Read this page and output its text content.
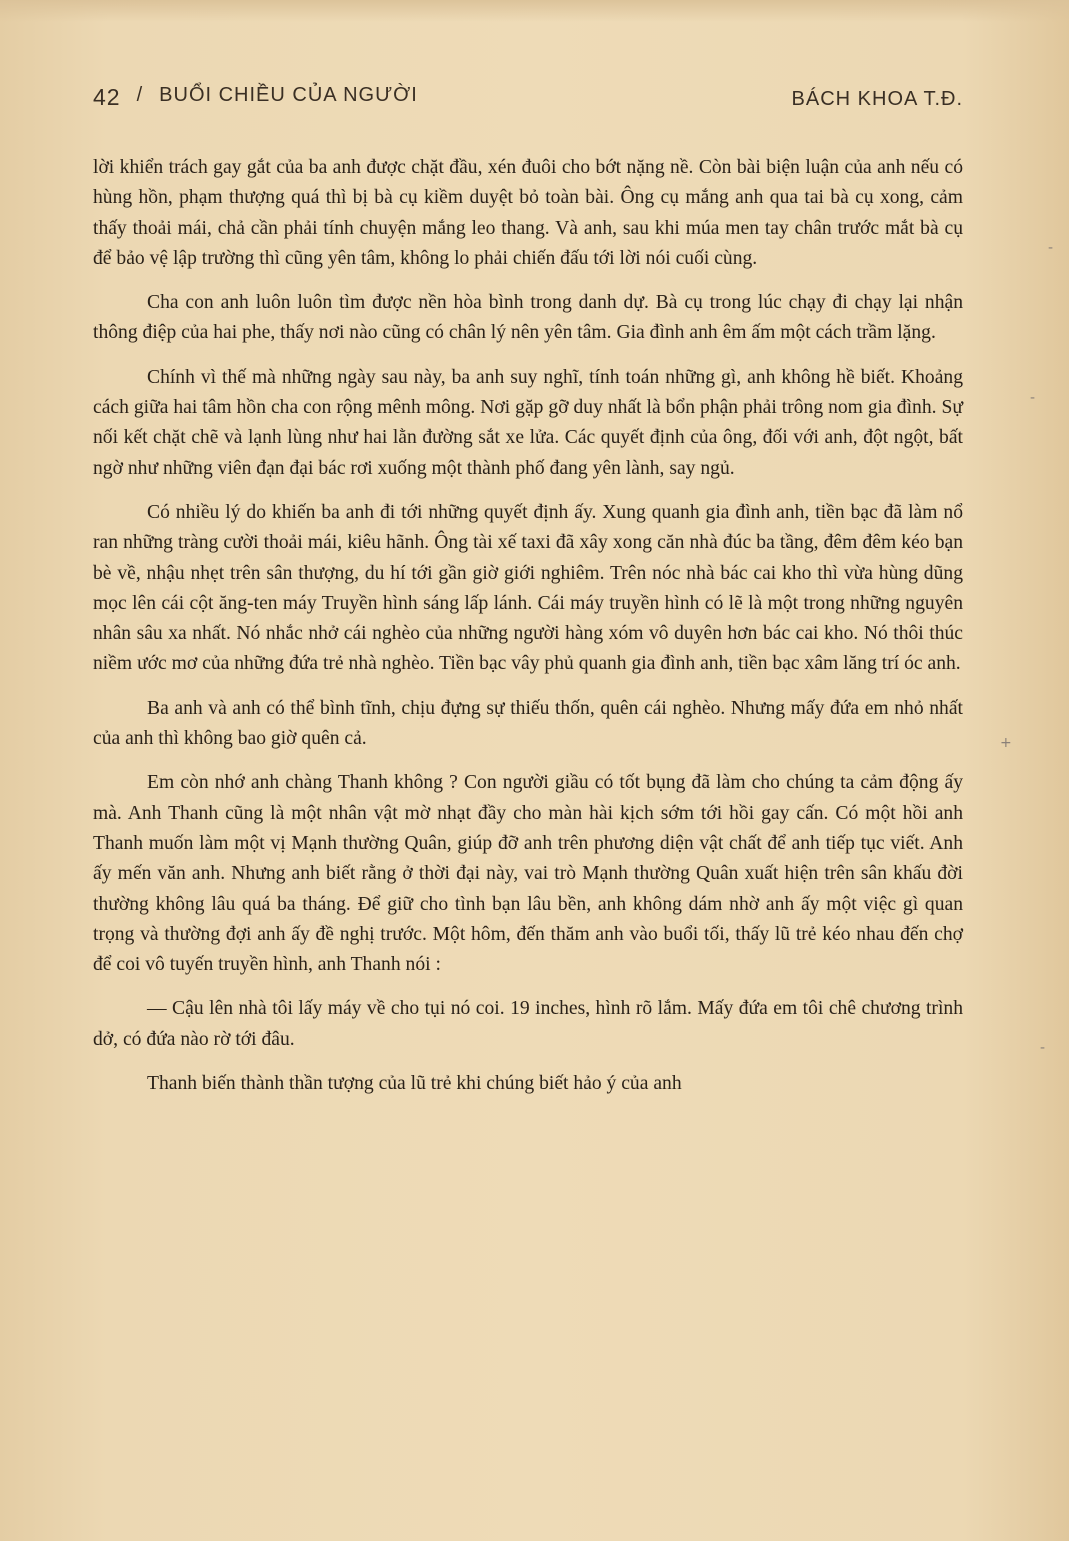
42 / BUỔI CHIỀU CỦA NGƯỜI	BÁCH KHOA T.Đ.

lời khiển trách gay gắt của ba anh được chặt đầu, xén đuôi cho bớt nặng nề. Còn bài biện luận của anh nếu có hùng hồn, phạm thượng quá thì bị bà cụ kiềm duyệt bỏ toàn bài. Ông cụ mắng anh qua tai bà cụ xong, cảm thấy thoải mái, chả cần phải tính chuyện mắng leo thang. Và anh, sau khi múa men tay chân trước mắt bà cụ để bảo vệ lập trường thì cũng yên tâm, không lo phải chiến đấu tới lời nói cuối cùng.

Cha con anh luôn luôn tìm được nền hòa bình trong danh dự. Bà cụ trong lúc chạy đi chạy lại nhận thông điệp của hai phe, thấy nơi nào cũng có chân lý nên yên tâm. Gia đình anh êm ấm một cách trầm lặng.

Chính vì thế mà những ngày sau này, ba anh suy nghĩ, tính toán những gì, anh không hề biết. Khoảng cách giữa hai tâm hồn cha con rộng mênh mông. Nơi gặp gỡ duy nhất là bổn phận phải trông nom gia đình. Sự nối kết chặt chẽ và lạnh lùng như hai lằn đường sắt xe lửa. Các quyết định của ông, đối với anh, đột ngột, bất ngờ như những viên đạn đại bác rơi xuống một thành phố đang yên lành, say ngủ.

Có nhiều lý do khiến ba anh đi tới những quyết định ấy. Xung quanh gia đình anh, tiền bạc đã làm nổ ran những tràng cười thoải mái, kiêu hãnh. Ông tài xế taxi đã xây xong căn nhà đúc ba tầng, đêm đêm kéo bạn bè về, nhậu nhẹt trên sân thượng, du hí tới gần giờ giới nghiêm. Trên nóc nhà bác cai kho thì vừa hùng dũng mọc lên cái cột ăng-ten máy Truyền hình sáng lấp lánh. Cái máy truyền hình có lẽ là một trong những nguyên nhân sâu xa nhất. Nó nhắc nhở cái nghèo của những người hàng xóm vô duyên hơn bác cai kho. Nó thôi thúc niềm ước mơ của những đứa trẻ nhà nghèo. Tiền bạc vây phủ quanh gia đình anh, tiền bạc xâm lăng trí óc anh.

Ba anh và anh có thể bình tĩnh, chịu đựng sự thiếu thốn, quên cái nghèo. Nhưng mấy đứa em nhỏ nhất của anh thì không bao giờ quên cả.

Em còn nhớ anh chàng Thanh không ? Con người giầu có tốt bụng đã làm cho chúng ta cảm động ấy mà. Anh Thanh cũng là một nhân vật mờ nhạt đầy cho màn hài kịch sớm tới hồi gay cấn. Có một hồi anh Thanh muốn làm một vị Mạnh thường Quân, giúp đỡ anh trên phương diện vật chất để anh tiếp tục viết. Anh ấy mến văn anh. Nhưng anh biết rằng ở thời đại này, vai trò Mạnh thường Quân xuất hiện trên sân khấu đời thường không lâu quá ba tháng. Để giữ cho tình bạn lâu bền, anh không dám nhờ anh ấy một việc gì quan trọng và thường đợi anh ấy đề nghị trước. Một hôm, đến thăm anh vào buổi tối, thấy lũ trẻ kéo nhau đến chợ để coi vô tuyến truyền hình, anh Thanh nói :

— Cậu lên nhà tôi lấy máy về cho tụi nó coi. 19 inches, hình rõ lắm. Mấy đứa em tôi chê chương trình dở, có đứa nào rờ tới đâu.

Thanh biến thành thần tượng của lũ trẻ khi chúng biết hảo ý của anh

-
-
+
-
